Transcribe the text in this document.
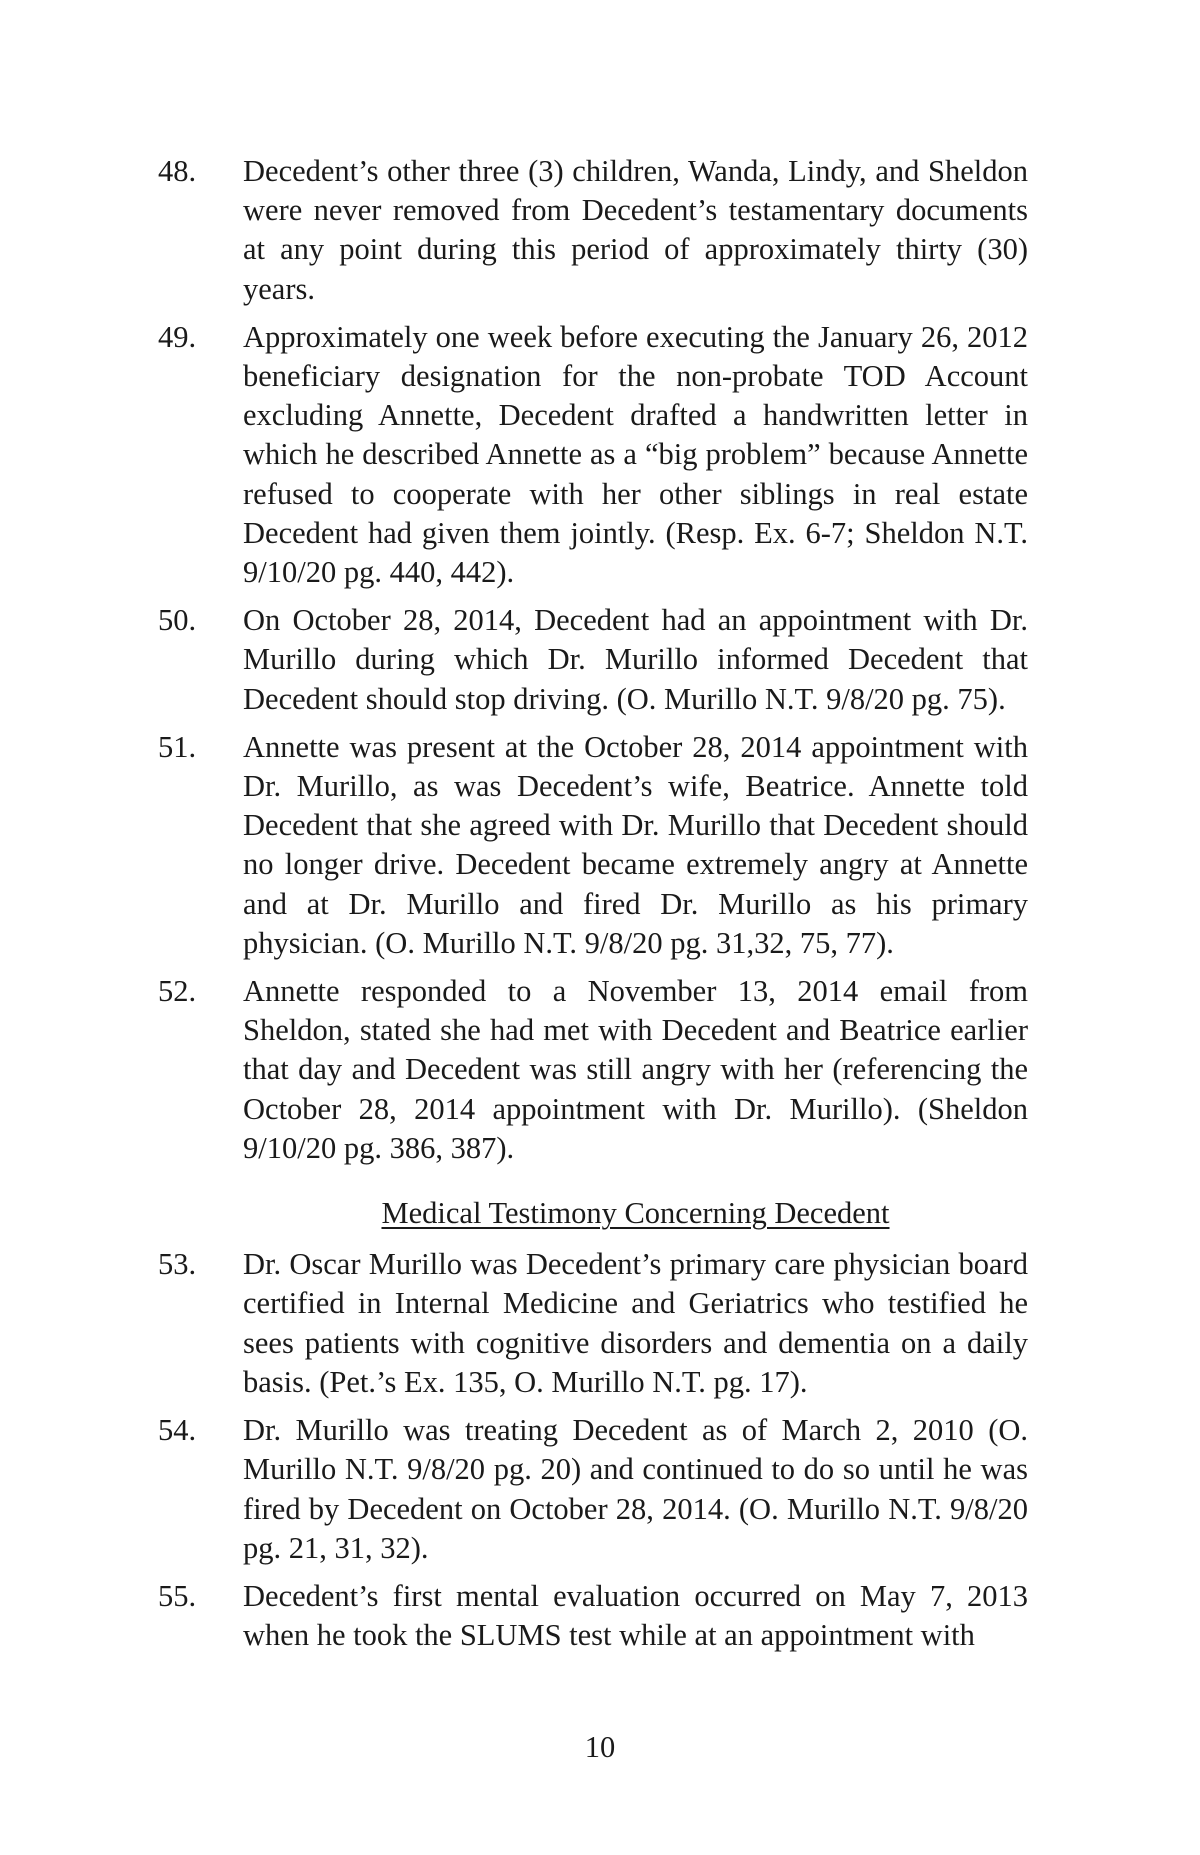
48.	Decedent’s other three (3) children, Wanda, Lindy, and Sheldon were never removed from Decedent’s testamentary documents at any point during this period of approximately thirty (30) years.
49.	Approximately one week before executing the January 26, 2012 beneficiary designation for the non-probate TOD Account excluding Annette, Decedent drafted a handwritten letter in which he described Annette as a “big problem” because Annette refused to cooperate with her other siblings in real estate Decedent had given them jointly. (Resp. Ex. 6-7; Sheldon N.T. 9/10/20 pg. 440, 442).
50.	On October 28, 2014, Decedent had an appointment with Dr. Murillo during which Dr. Murillo informed Decedent that Decedent should stop driving. (O. Murillo N.T. 9/8/20 pg. 75).
51.	Annette was present at the October 28, 2014 appointment with Dr. Murillo, as was Decedent’s wife, Beatrice. Annette told Decedent that she agreed with Dr. Murillo that Decedent should no longer drive. Decedent became extremely angry at Annette and at Dr. Murillo and fired Dr. Murillo as his primary physician. (O. Murillo N.T. 9/8/20 pg. 31,32, 75, 77).
52.	Annette responded to a November 13, 2014 email from Sheldon, stated she had met with Decedent and Beatrice earlier that day and Decedent was still angry with her (referencing the October 28, 2014 appointment with Dr. Murillo). (Sheldon 9/10/20 pg. 386, 387).
Medical Testimony Concerning Decedent
53.	Dr. Oscar Murillo was Decedent’s primary care physician board certified in Internal Medicine and Geriatrics who testified he sees patients with cognitive disorders and dementia on a daily basis. (Pet.’s Ex. 135, O. Murillo N.T. pg. 17).
54.	Dr. Murillo was treating Decedent as of March 2, 2010 (O. Murillo N.T. 9/8/20 pg. 20) and continued to do so until he was fired by Decedent on October 28, 2014. (O. Murillo N.T. 9/8/20 pg. 21, 31, 32).
55.	Decedent’s first mental evaluation occurred on May 7, 2013 when he took the SLUMS test while at an appointment with
10
